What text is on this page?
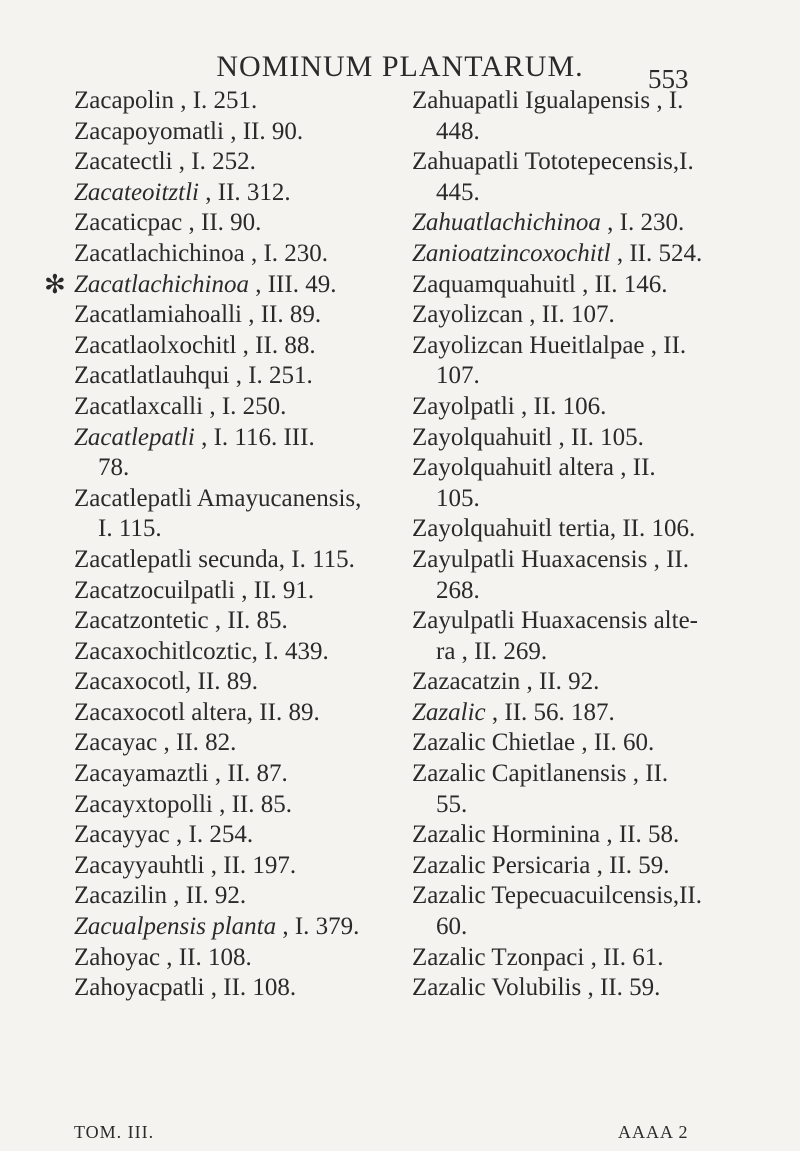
NOMINUM PLANTARUM.	553
Zacapolin , I. 251.
Zacapoyomatli , II. 90.
Zacatectli , I. 252.
Zacateoitztli , II. 312.
Zacaticpac , II. 90.
Zacatlachichinoa , I. 230.
✻ Zacatlachichinoa , III. 49.
Zacatlamiahoalli , II. 89.
Zacatlaolxochitl , II. 88.
Zacatlatlauhqui , I. 251.
Zacatlaxcalli , I. 250.
Zacatlepatli , I. 116. III.
78.
Zacatlepatli Amayucanensis,
I. 115.
Zacatlepatli secunda, I. 115.
Zacatzocuilpatli , II. 91.
Zacatzontetic , II. 85.
Zacaxochitlcoztic, I. 439.
Zacaxocotl, II. 89.
Zacaxocotl altera, II. 89.
Zacayac , II. 82.
Zacayamaztli , II. 87.
Zacayxtopolli , II. 85.
Zacayyac , I. 254.
Zacayyauhtli , II. 197.
Zacazilin , II. 92.
Zacualpensis planta , I. 379.
Zahoyac , II. 108.
Zahoyacpatli , II. 108.
Zahuapatli Igualapensis , I.
448.
Zahuapatli Tototepecensis,I.
445.
Zahuatlachichinoa , I. 230.
Zanioatzincoxochitl , II. 524.
Zaquamquahuitl , II. 146.
Zayolizcan , II. 107.
Zayolizcan Hueitlalpae , II.
107.
Zayolpatli , II. 106.
Zayolquahuitl , II. 105.
Zayolquahuitl altera , II.
105.
Zayolquahuitl tertia, II. 106.
Zayulpatli Huaxacensis , II.
268.
Zayulpatli Huaxacensis alte-
ra , II. 269.
Zazacatzin , II. 92.
Zazalic , II. 56. 187.
Zazalic Chietlae , II. 60.
Zazalic Capitlanensis , II.
55.
Zazalic Horminina , II. 58.
Zazalic Persicaria , II. 59.
Zazalic Tepecuacuilcensis,II.
60.
Zazalic Tzonpaci , II. 61.
Zazalic Volubilis , II. 59.
TOM. III.	AAAA 2
